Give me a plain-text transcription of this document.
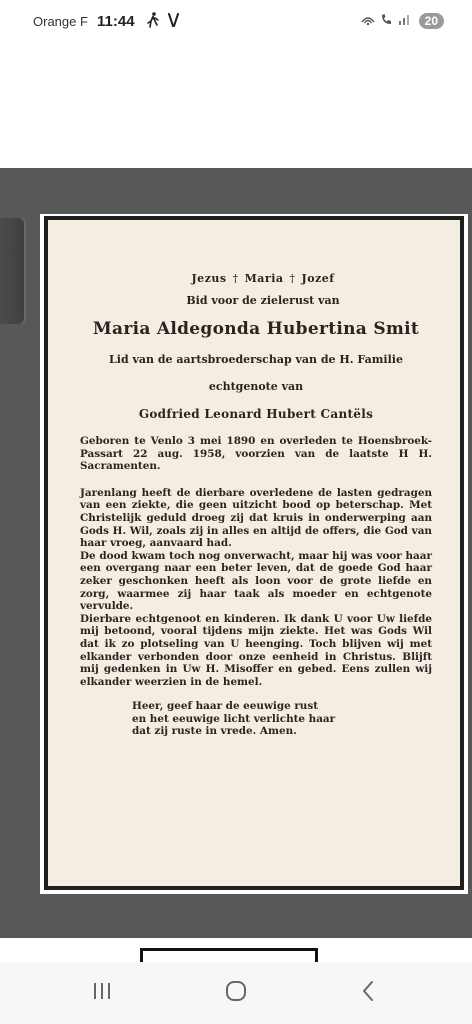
Orange F 11:44	20
Jezus † Maria † Jozef
Bid voor de zielerust van
Maria Aldegonda Hubertina Smit
Lid van de aartsbroederschap van de H. Familie
echtgenote van
Godfried Leonard Hubert Cantëls

Geboren te Venlo 3 mei 1890 en overleden te Hoensbroek-Passart 22 aug. 1958, voorzien van de laatste H H. Sacramenten.

Jarenlang heeft de dierbare overledene de lasten gedragen van een ziekte, die geen uitzicht bood op beterschap. Met Christelijk geduld droeg zij dat kruis in onderwerping aan Gods H. Wil, zoals zij in alles en altijd de offers, die God van haar vroeg, aanvaard had.

De dood kwam toch nog onverwacht, maar hij was voor haar een overgang naar een beter leven, dat de goede God haar zeker geschonken heeft als loon voor de grote liefde en zorg, waarmee zij haar taak als moeder en echtgenote vervulde.

Dierbare echtgenoot en kinderen. Ik dank U voor Uw liefde mij betoond, vooral tijdens mijn ziekte. Het was Gods Wil dat ik zo plotseling van U heenging. Toch blijven wij met elkander verbonden door onze eenheid in Christus. Blijft mij gedenken in Uw H. Misoffer en gebed. Eens zullen wij elkander weerzien in de hemel.

Heer, geef haar de eeuwige rust
en het eeuwige licht verlichte haar
dat zij ruste in vrede. Amen.
